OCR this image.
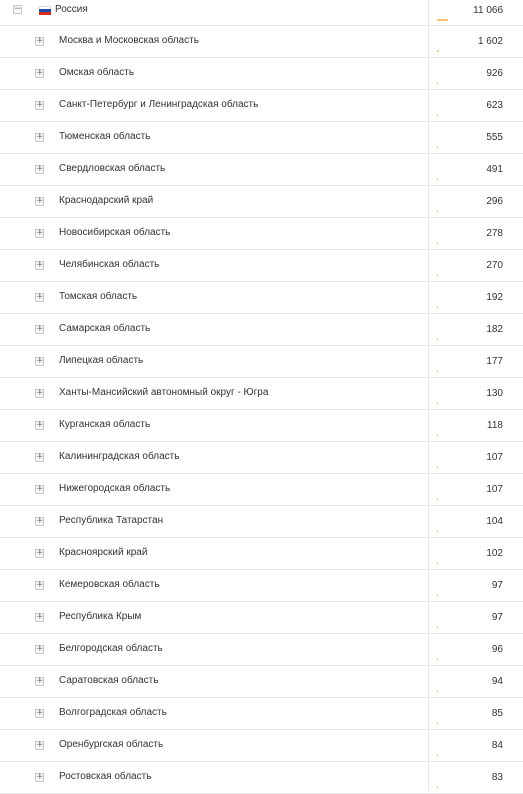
−	Россия	11 066
+ Москва и Московская область	1 602
+ Омская область	926
+ Санкт-Петербург и Ленинградская область	623
+ Тюменская область	555
+ Свердловская область	491
+ Краснодарский край	296
+ Новосибирская область	278
+ Челябинская область	270
+ Томская область	192
+ Самарская область	182
+ Липецкая область	177
+ Ханты-Мансийский автономный округ - Югра	130
+ Курганская область	118
+ Калининградская область	107
+ Нижегородская область	107
+ Республика Татарстан	104
+ Красноярский край	102
+ Кемеровская область	97
+ Республика Крым	97
+ Белгородская область	96
+ Саратовская область	94
+ Волгоградская область	85
+ Оренбургская область	84
+ Ростовская область	83
